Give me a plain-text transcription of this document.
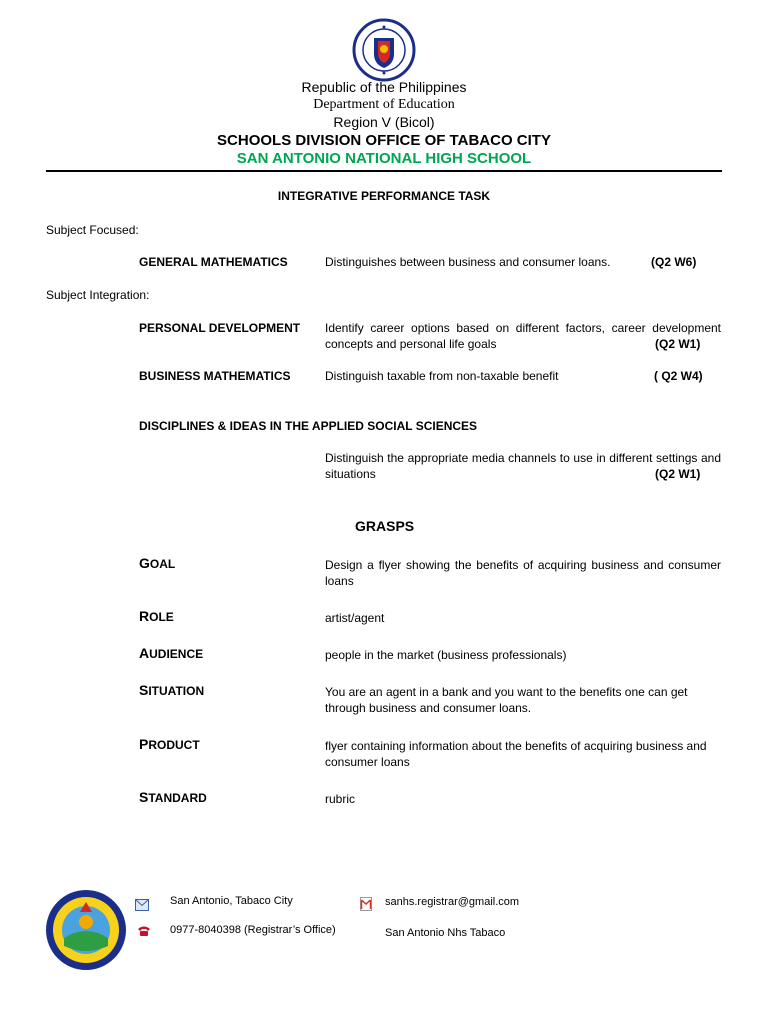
Republic of the Philippines
Department of Education
Region V (Bicol)
SCHOOLS DIVISION OFFICE OF TABACO CITY
SAN ANTONIO NATIONAL HIGH SCHOOL
INTEGRATIVE PERFORMANCE TASK
Subject Focused:
GENERAL MATHEMATICS	Distinguishes between business and consumer loans.	(Q2 W6)
Subject Integration:
PERSONAL DEVELOPMENT Identify career options based on different factors, career development concepts and personal life goals	(Q2 W1)
BUSINESS MATHEMATICS	Distinguish taxable from non-taxable benefit	( Q2 W4)
DISCIPLINES & IDEAS IN THE APPLIED SOCIAL SCIENCES
Distinguish the appropriate media channels to use in different settings and situations	(Q2 W1)
GRASPS
GOAL	Design a flyer showing the benefits of acquiring business and consumer loans
ROLE	artist/agent
AUDIENCE	people in the market (business professionals)
SITUATION	You are an agent in a bank and you want to the benefits one can get through business and consumer loans.
PRODUCT	flyer containing information about the benefits of acquiring business and consumer loans
STANDARD	rubric
San Antonio, Tabaco City
0977-8040398 (Registrar’s Office)
sanhs.registrar@gmail.com
San Antonio Nhs Tabaco
